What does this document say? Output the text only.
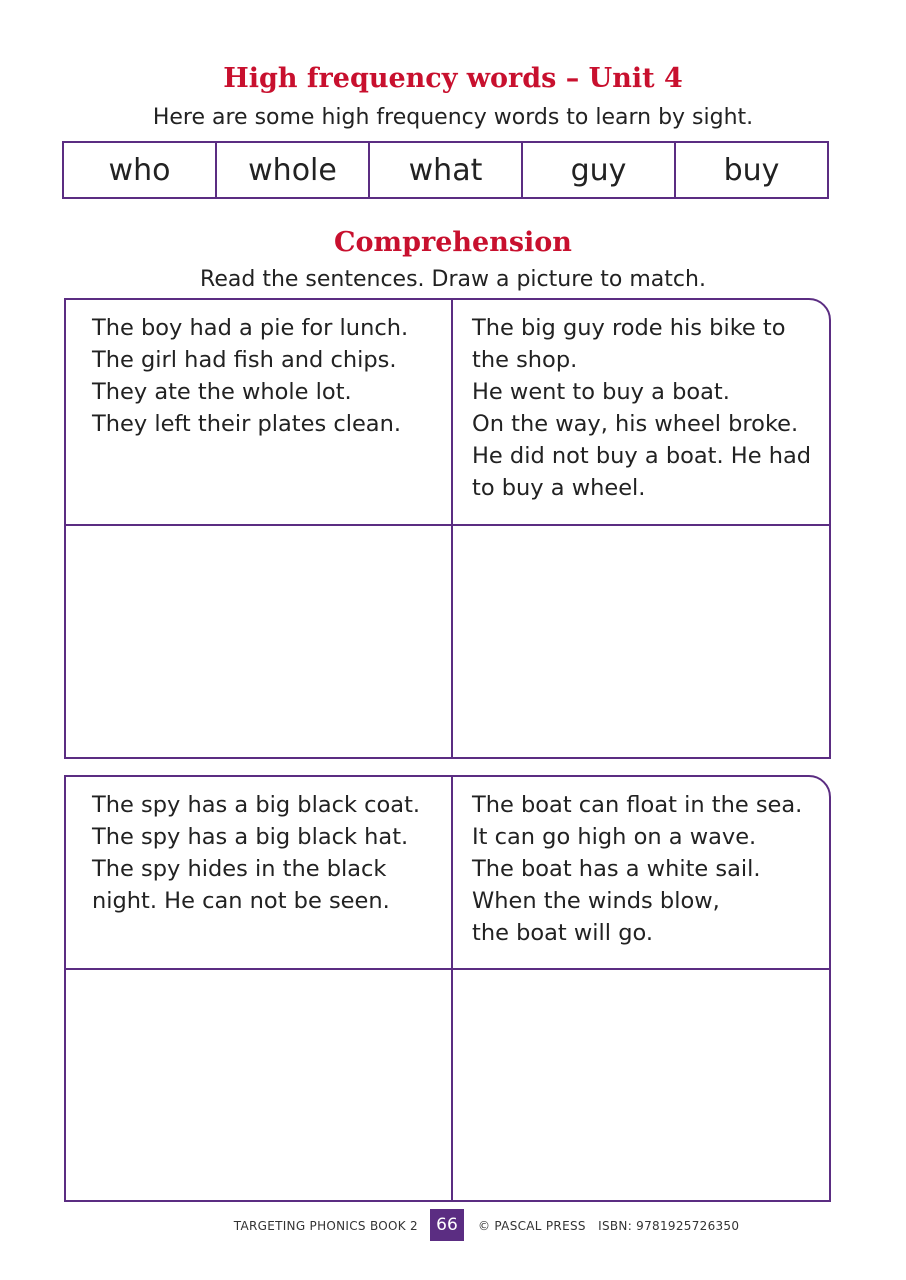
High frequency words – Unit 4
Here are some high frequency words to learn by sight.
who	whole	what	guy	buy
Comprehension
Read the sentences. Draw a picture to match.
The boy had a pie for lunch.
The girl had fish and chips.
They ate the whole lot.
They left their plates clean.
The big guy rode his bike to
the shop.
He went to buy a boat.
On the way, his wheel broke.
He did not buy a boat. He had
to buy a wheel.
The spy has a big black coat.
The spy has a big black hat.
The spy hides in the black
night. He can not be seen.
The boat can float in the sea.
It can go high on a wave.
The boat has a white sail.
When the winds blow,
the boat will go.
TARGETING PHONICS BOOK 2	66	© PASCAL PRESS   ISBN: 9781925726350
